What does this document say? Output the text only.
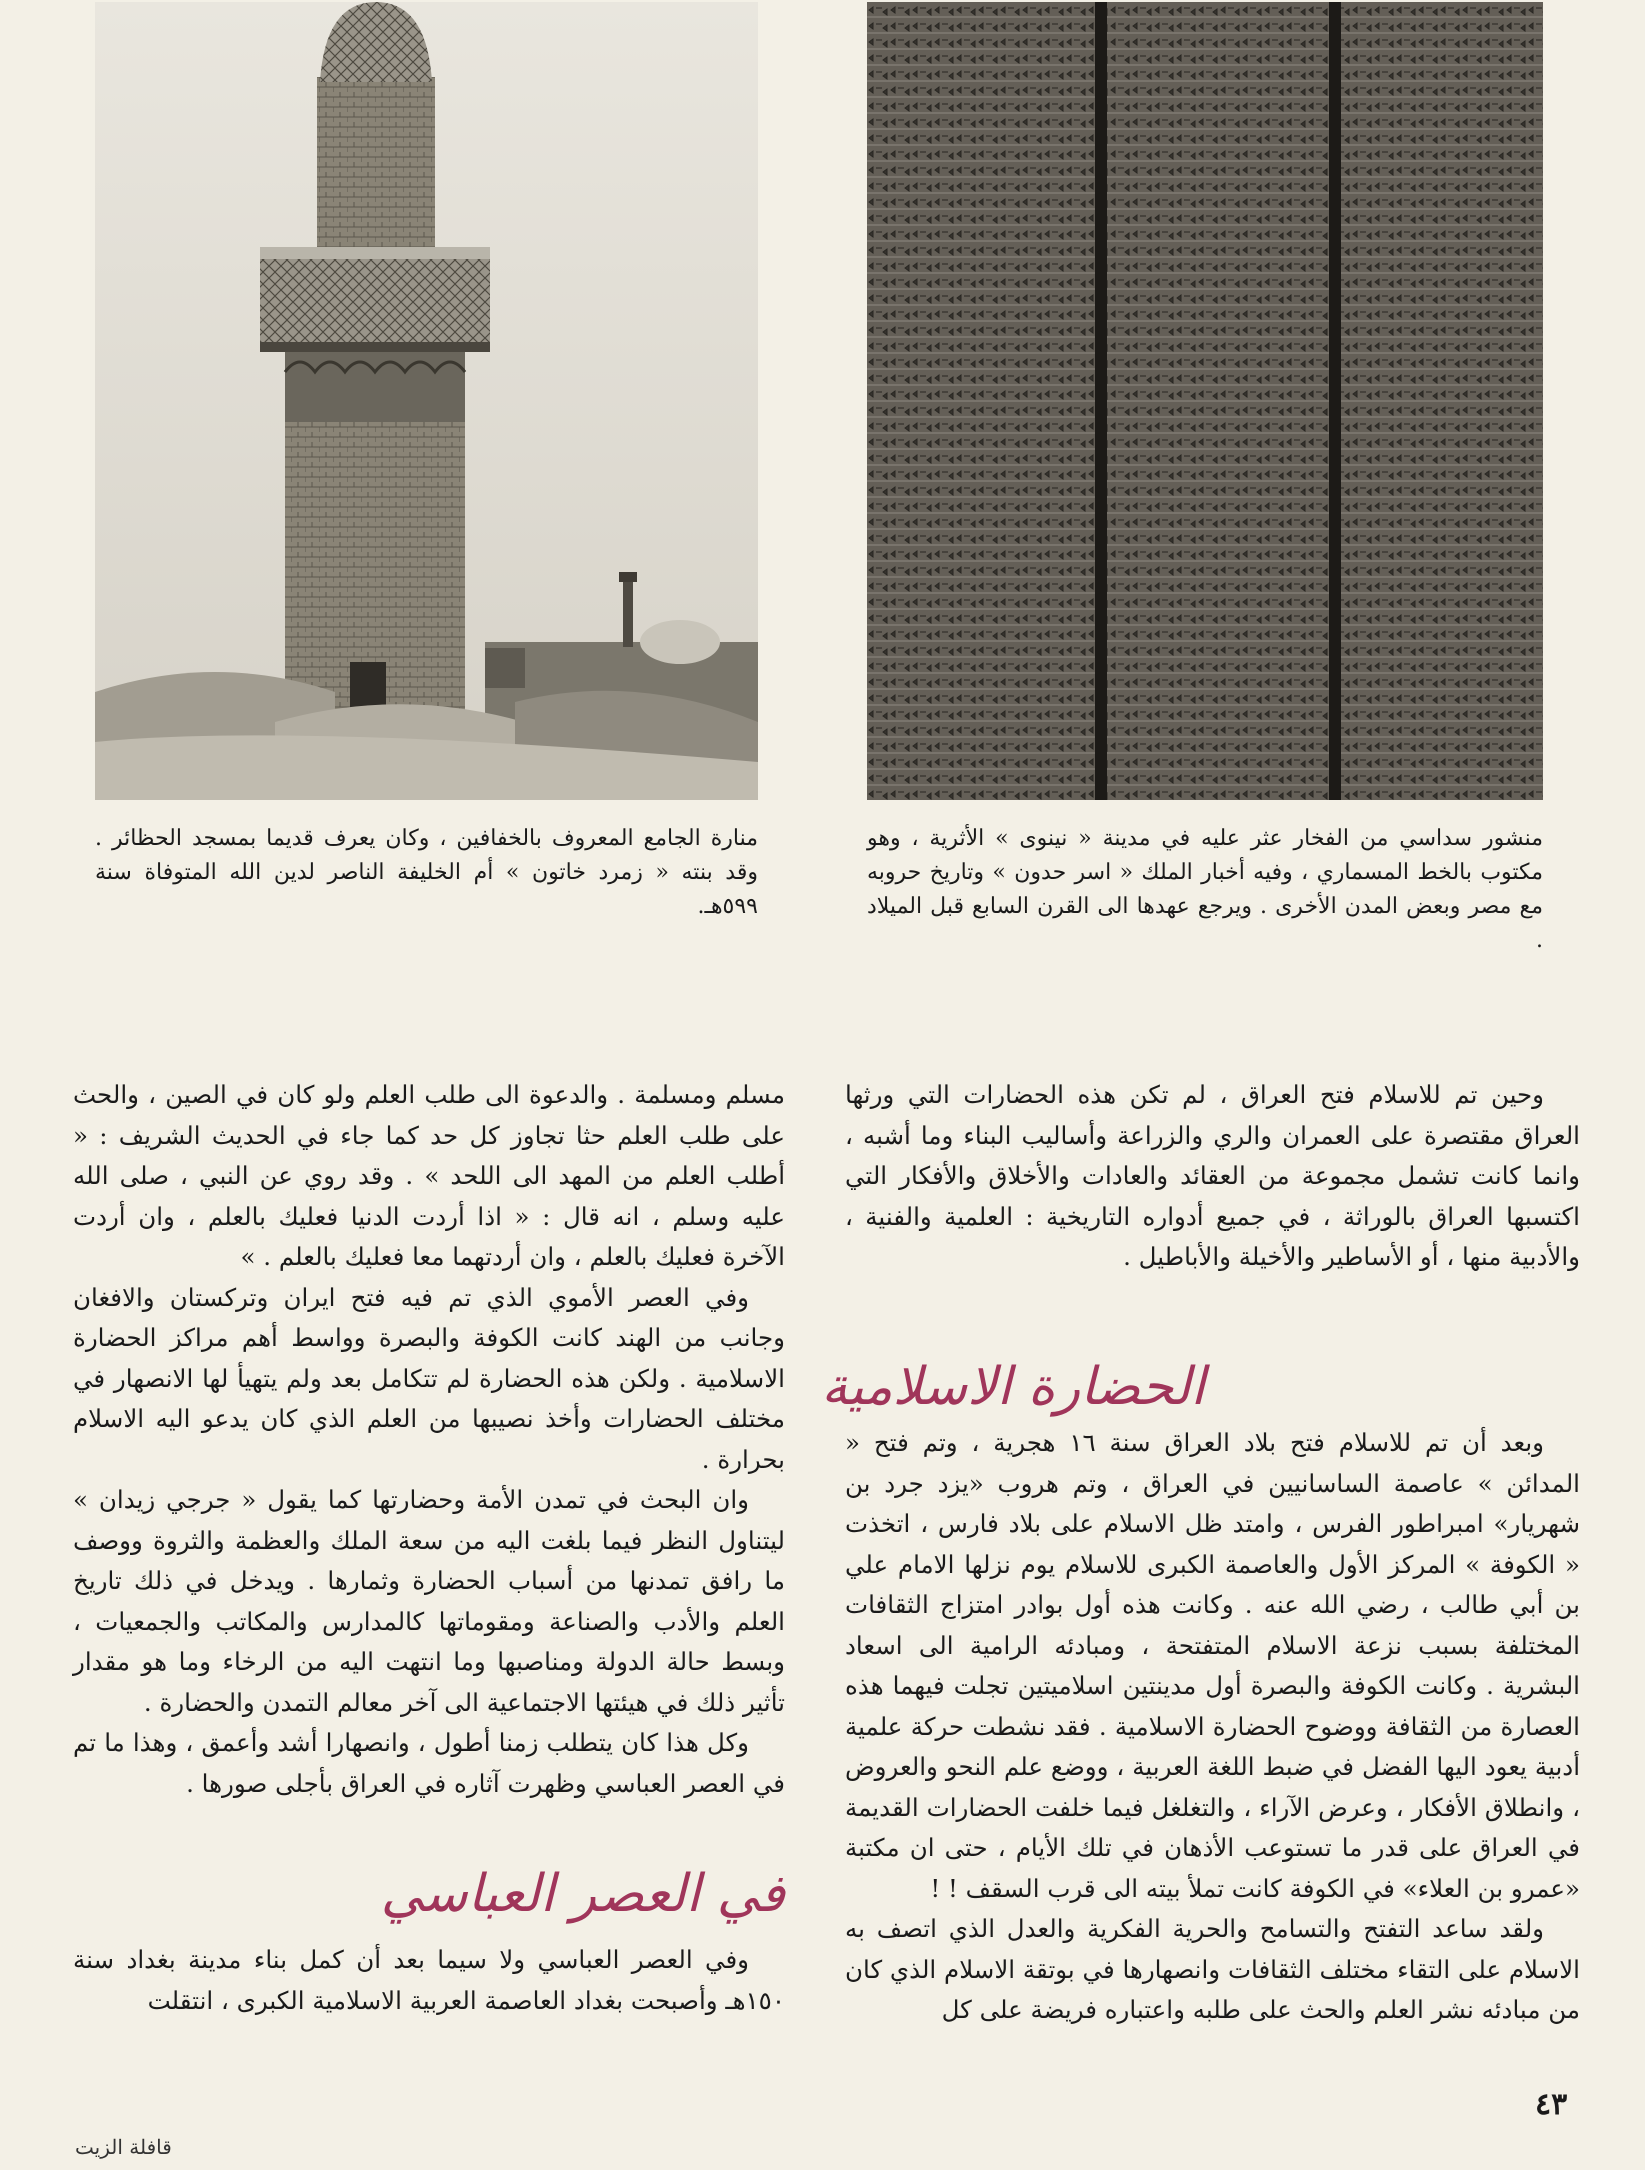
منارة الجامع المعروف بالخفافين ، وكان يعرف قديما بمسجد الحظائر . وقد بنته « زمرد خاتون » أم الخليفة الناصر لدين الله المتوفاة سنة ٥٩٩هـ.

منشور سداسي من الفخار عثر عليه في مدينة « نينوى » الأثرية ، وهو مكتوب بالخط المسماري ، وفيه أخبار الملك « اسر حدون » وتاريخ حروبه مع مصر وبعض المدن الأخرى . ويرجع عهدها الى القرن السابع قبل الميلاد .

وحين تم للاسلام فتح العراق ، لم تكن هذه الحضارات التي ورثها العراق مقتصرة على العمران والري والزراعة وأساليب البناء وما أشبه ، وانما كانت تشمل مجموعة من العقائد والعادات والأخلاق والأفكار التي اكتسبها العراق بالوراثة ، في جميع أدواره التاريخية : العلمية والفنية ، والأدبية منها ، أو الأساطير والأخيلة والأباطيل .

الحضارة الاسلامية

وبعد أن تم للاسلام فتح بلاد العراق سنة ١٦ هجرية ، وتم فتح « المدائن » عاصمة الساسانيين في العراق ، وتم هروب «يزد جرد بن شهريار» امبراطور الفرس ، وامتد ظل الاسلام على بلاد فارس ، اتخذت « الكوفة » المركز الأول والعاصمة الكبرى للاسلام يوم نزلها الامام علي بن أبي طالب ، رضي الله عنه . وكانت هذه أول بوادر امتزاج الثقافات المختلفة بسبب نزعة الاسلام المتفتحة ، ومبادئه الرامية الى اسعاد البشرية . وكانت الكوفة والبصرة أول مدينتين اسلاميتين تجلت فيهما هذه العصارة من الثقافة ووضوح الحضارة الاسلامية . فقد نشطت حركة علمية أدبية يعود اليها الفضل في ضبط اللغة العربية ، ووضع علم النحو والعروض ، وانطلاق الأفكار ، وعرض الآراء ، والتغلغل فيما خلفت الحضارات القديمة في العراق على قدر ما تستوعب الأذهان في تلك الأيام ، حتى ان مكتبة «عمرو بن العلاء» في الكوفة كانت تملأ بيته الى قرب السقف ! !

ولقد ساعد التفتح والتسامح والحرية الفكرية والعدل الذي اتصف به الاسلام على التقاء مختلف الثقافات وانصهارها في بوتقة الاسلام الذي كان من مبادئه نشر العلم والحث على طلبه واعتباره فريضة على كل

مسلم ومسلمة . والدعوة الى طلب العلم ولو كان في الصين ، والحث على طلب العلم حثا تجاوز كل حد كما جاء في الحديث الشريف : « أطلب العلم من المهد الى اللحد » . وقد روي عن النبي ، صلى الله عليه وسلم ، انه قال : « اذا أردت الدنيا فعليك بالعلم ، وان أردت الآخرة فعليك بالعلم ، وان أردتهما معا فعليك بالعلم . »

وفي العصر الأموي الذي تم فيه فتح ايران وتركستان والافغان وجانب من الهند كانت الكوفة والبصرة وواسط أهم مراكز الحضارة الاسلامية . ولكن هذه الحضارة لم تتكامل بعد ولم يتهيأ لها الانصهار في مختلف الحضارات وأخذ نصيبها من العلم الذي كان يدعو اليه الاسلام بحرارة .

وان البحث في تمدن الأمة وحضارتها كما يقول « جرجي زيدان » ليتناول النظر فيما بلغت اليه من سعة الملك والعظمة والثروة ووصف ما رافق تمدنها من أسباب الحضارة وثمارها . ويدخل في ذلك تاريخ العلم والأدب والصناعة ومقوماتها كالمدارس والمكاتب والجمعيات ، وبسط حالة الدولة ومناصبها وما انتهت اليه من الرخاء وما هو مقدار تأثير ذلك في هيئتها الاجتماعية الى آخر معالم التمدن والحضارة .

وكل هذا كان يتطلب زمنا أطول ، وانصهارا أشد وأعمق ، وهذا ما تم في العصر العباسي وظهرت آثاره في العراق بأجلى صورها .

في العصر العباسي

وفي العصر العباسي ولا سيما بعد أن كمل بناء مدينة بغداد سنة ١٥٠هـ وأصبحت بغداد العاصمة العربية الاسلامية الكبرى ، انتقلت

٤٣
قافلة الزيت
